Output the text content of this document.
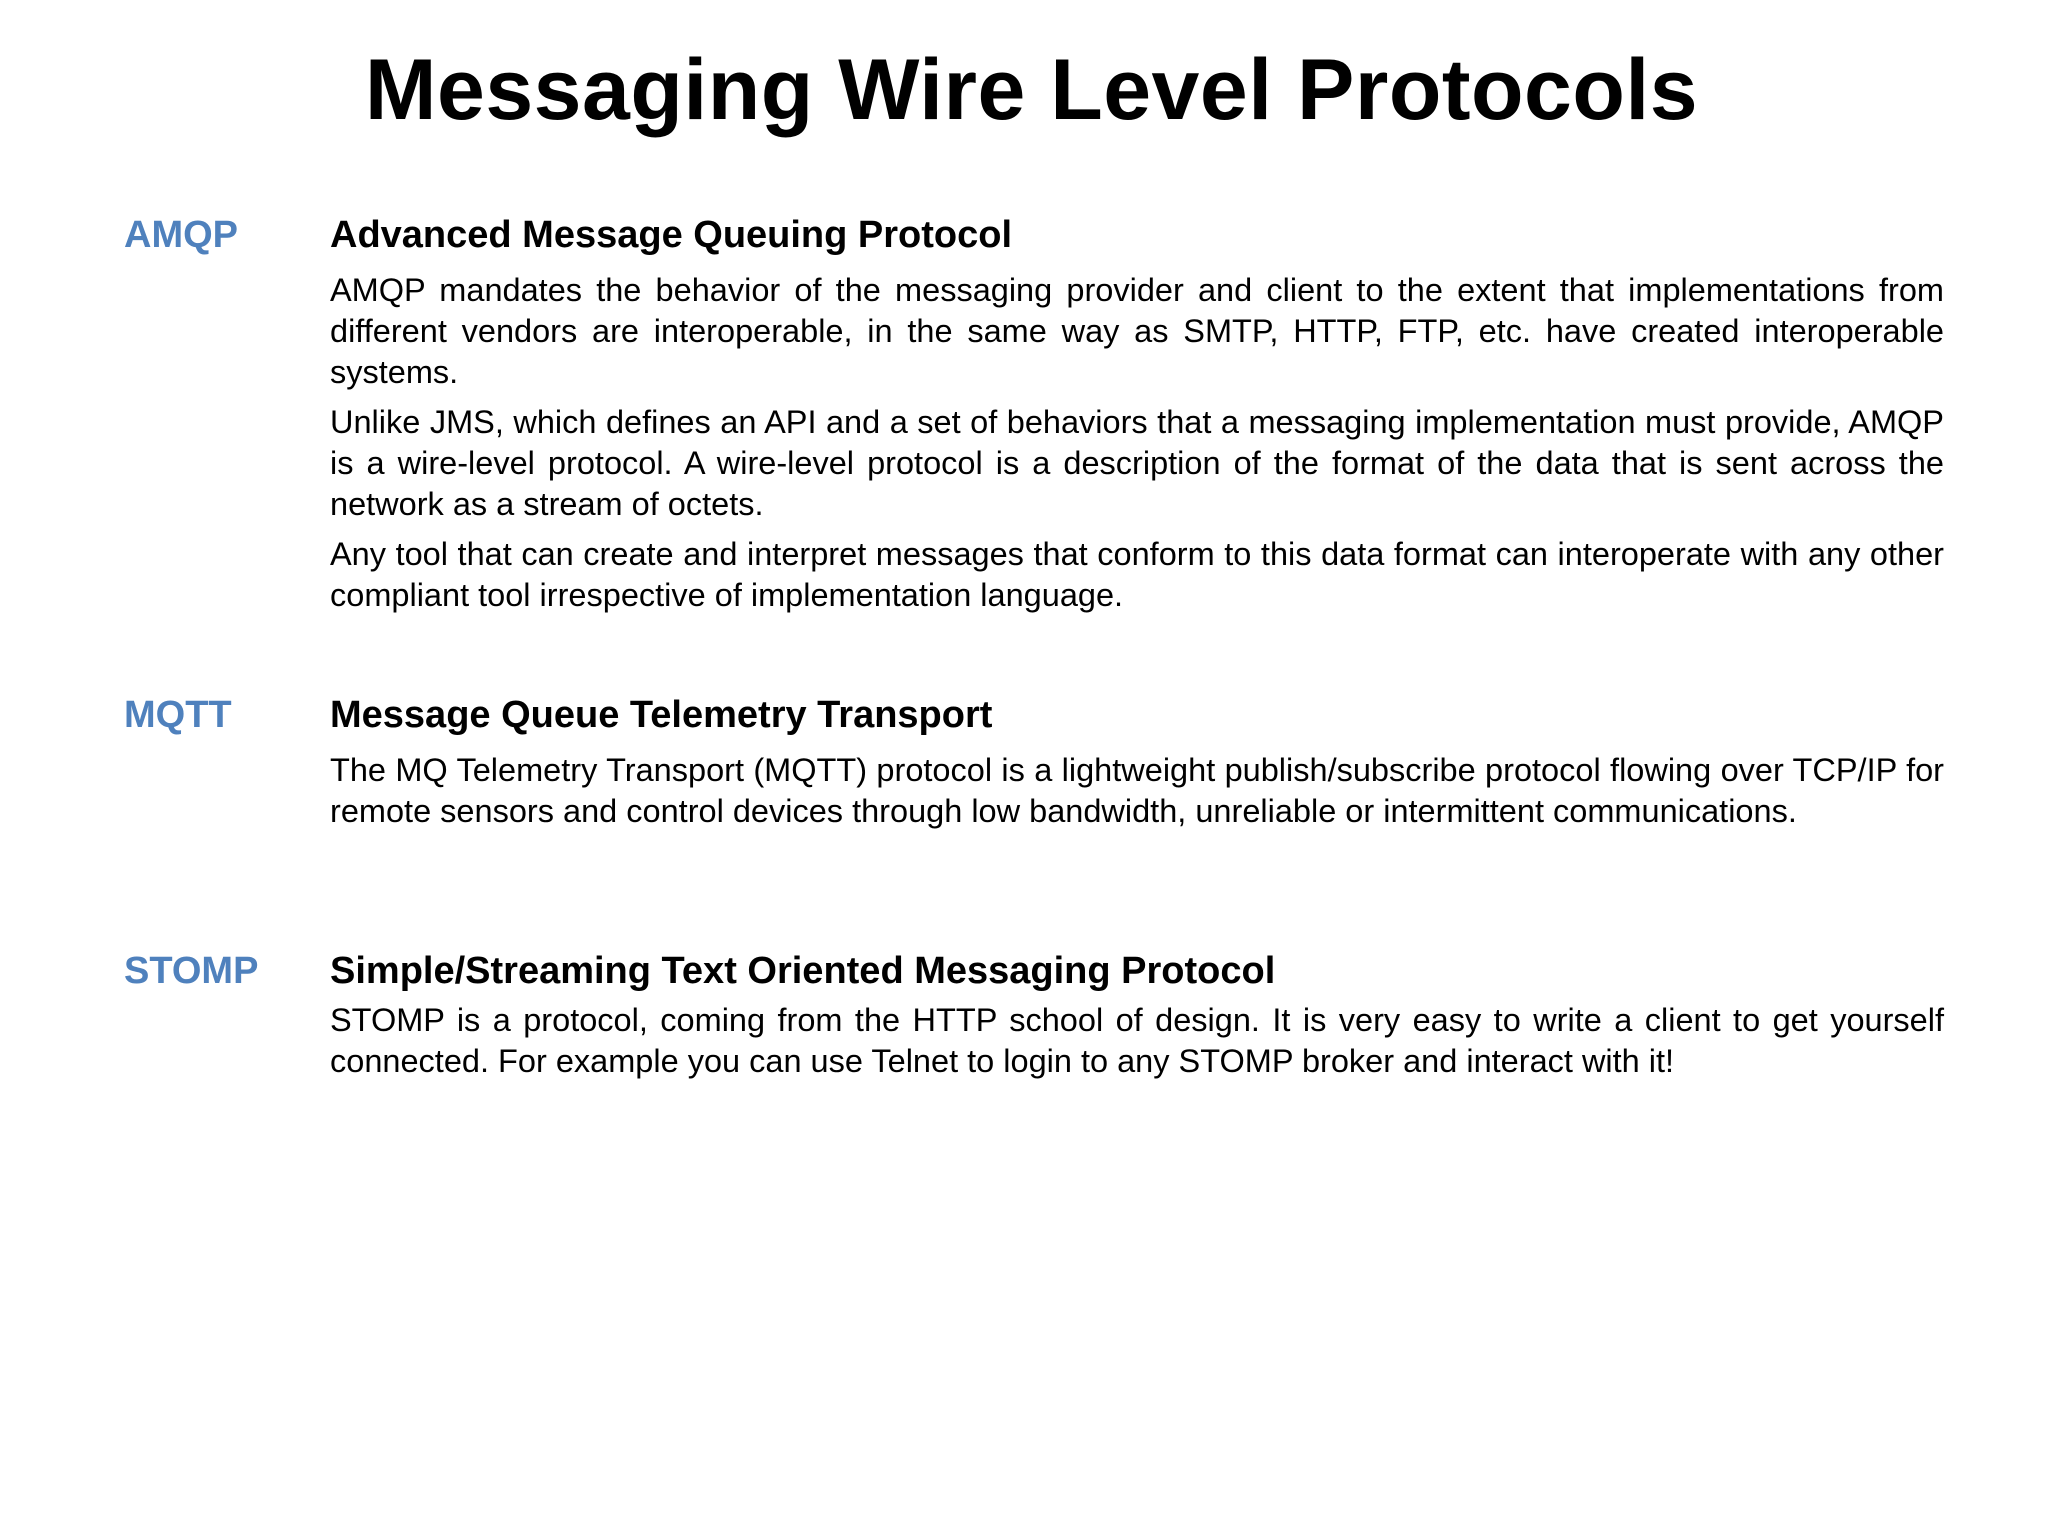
Messaging Wire Level Protocols
AMQP Advanced Message Queuing Protocol

AMQP mandates the behavior of the messaging provider and client to the extent that implementations from different vendors are interoperable, in the same way as SMTP, HTTP, FTP, etc. have created interoperable systems.

Unlike JMS, which defines an API and a set of behaviors that a messaging implementation must provide, AMQP is a wire-level protocol. A wire-level protocol is a description of the format of the data that is sent across the network as a stream of octets.

Any tool that can create and interpret messages that conform to this data format can interoperate with any other compliant tool irrespective of implementation language.

MQTT	Message Queue Telemetry Transport

The MQ Telemetry Transport (MQTT) protocol is a lightweight publish/subscribe protocol flowing over TCP/IP for remote sensors and control devices through low bandwidth, unreliable or intermittent communications.

STOMP Simple/Streaming Text Oriented Messaging Protocol

STOMP is a protocol, coming from the HTTP school of design. It is very easy to write a client to get yourself connected. For example you can use Telnet to login to any STOMP broker and interact with it!
